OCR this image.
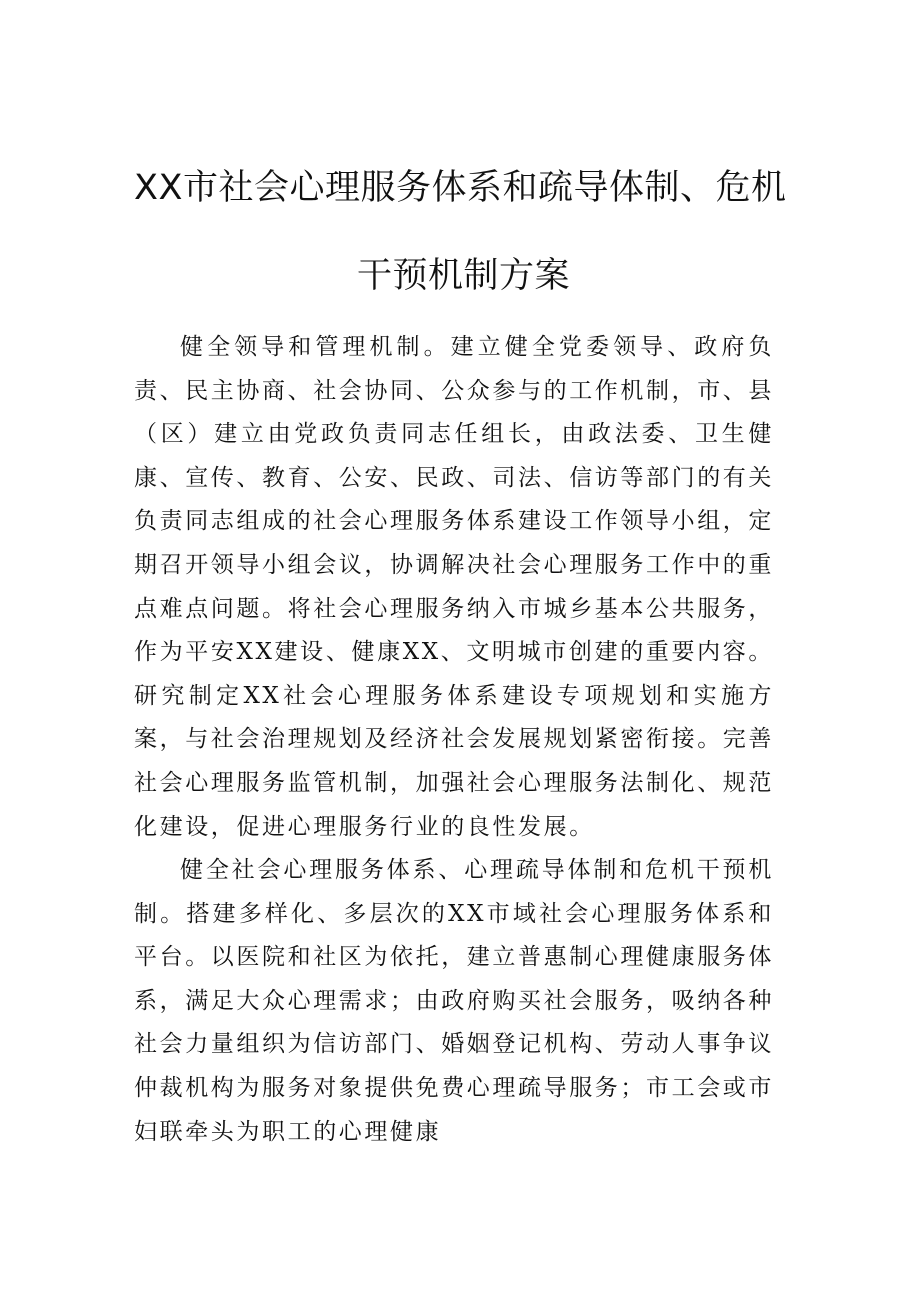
XX市社会心理服务体系和疏导体制、危机
干预机制方案

健全领导和管理机制。建立健全党委领导、政府负责、民主协商、社会协同、公众参与的工作机制，市、县（区）建立由党政负责同志任组长，由政法委、卫生健康、宣传、教育、公安、民政、司法、信访等部门的有关负责同志组成的社会心理服务体系建设工作领导小组，定期召开领导小组会议，协调解决社会心理服务工作中的重点难点问题。将社会心理服务纳入市城乡基本公共服务，作为平安XX建设、健康XX、文明城市创建的重要内容。研究制定XX社会心理服务体系建设专项规划和实施方案，与社会治理规划及经济社会发展规划紧密衔接。完善社会心理服务监管机制，加强社会心理服务法制化、规范化建设，促进心理服务行业的良性发展。

健全社会心理服务体系、心理疏导体制和危机干预机制。搭建多样化、多层次的XX市域社会心理服务体系和平台。以医院和社区为依托，建立普惠制心理健康服务体系，满足大众心理需求；由政府购买社会服务，吸纳各种社会力量组织为信访部门、婚姻登记机构、劳动人事争议仲裁机构为服务对象提供免费心理疏导服务；市工会或市妇联牵头为职工的心理健康
